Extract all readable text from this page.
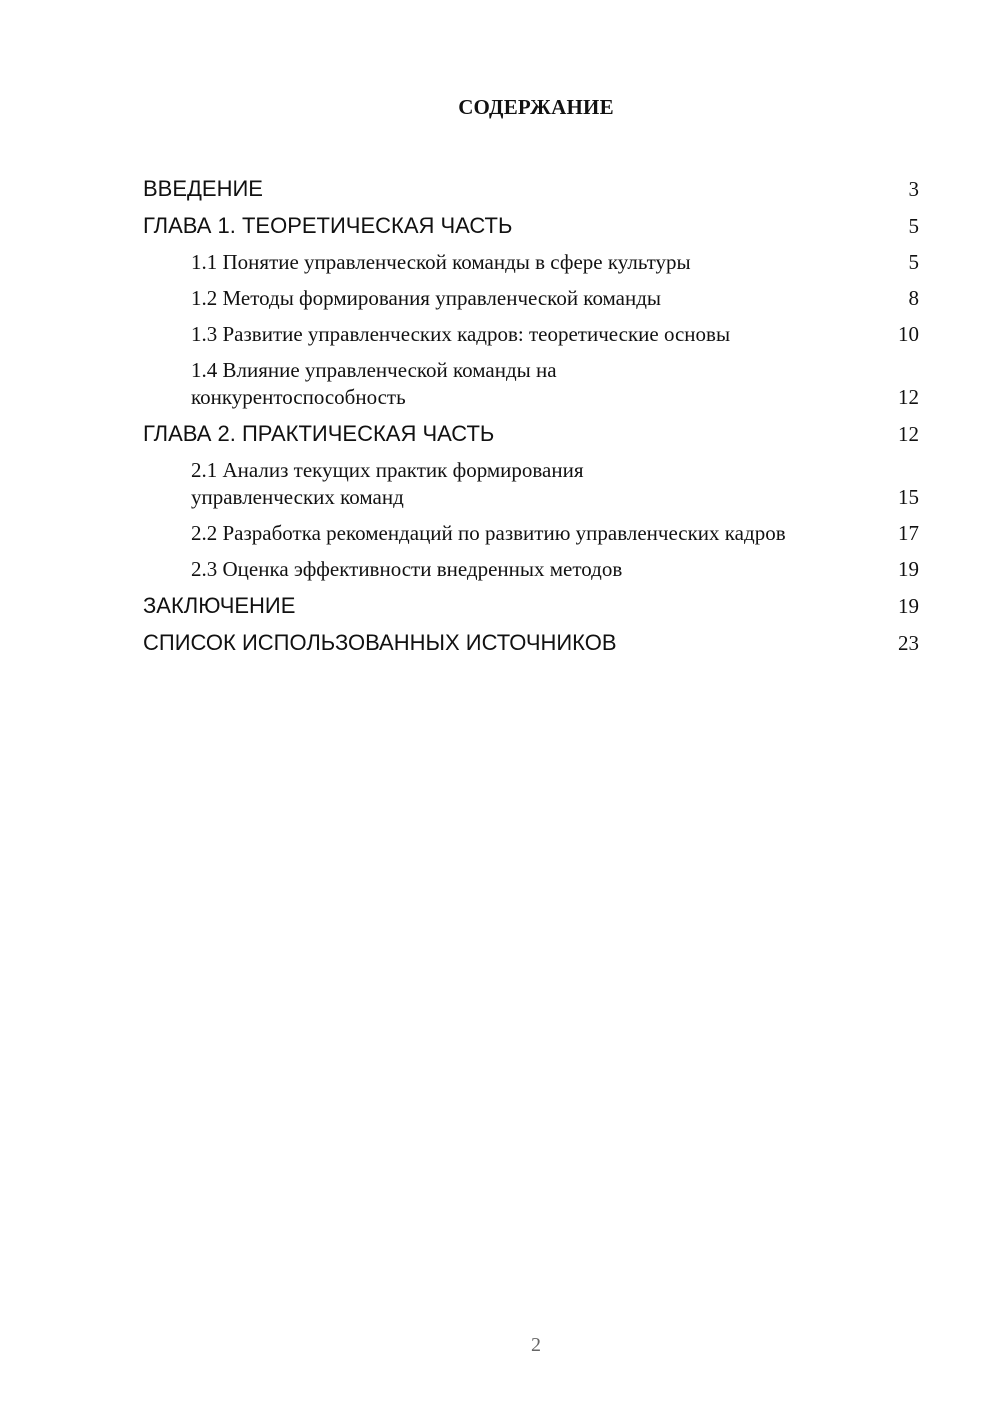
СОДЕРЖАНИЕ
ВВЕДЕНИЕ	3
ГЛАВА 1. ТЕОРЕТИЧЕСКАЯ ЧАСТЬ	5
1.1 Понятие управленческой команды в сфере культуры	5
1.2 Методы формирования управленческой команды	8
1.3 Развитие управленческих кадров: теоретические основы	10
1.4 Влияние управленческой команды на конкурентоспособность	12
ГЛАВА 2. ПРАКТИЧЕСКАЯ ЧАСТЬ	12
2.1 Анализ текущих практик формирования управленческих команд	15
2.2 Разработка рекомендаций по развитию управленческих кадров	17
2.3 Оценка эффективности внедренных методов	19
ЗАКЛЮЧЕНИЕ	19
СПИСОК ИСПОЛЬЗОВАННЫХ ИСТОЧНИКОВ	23
2
